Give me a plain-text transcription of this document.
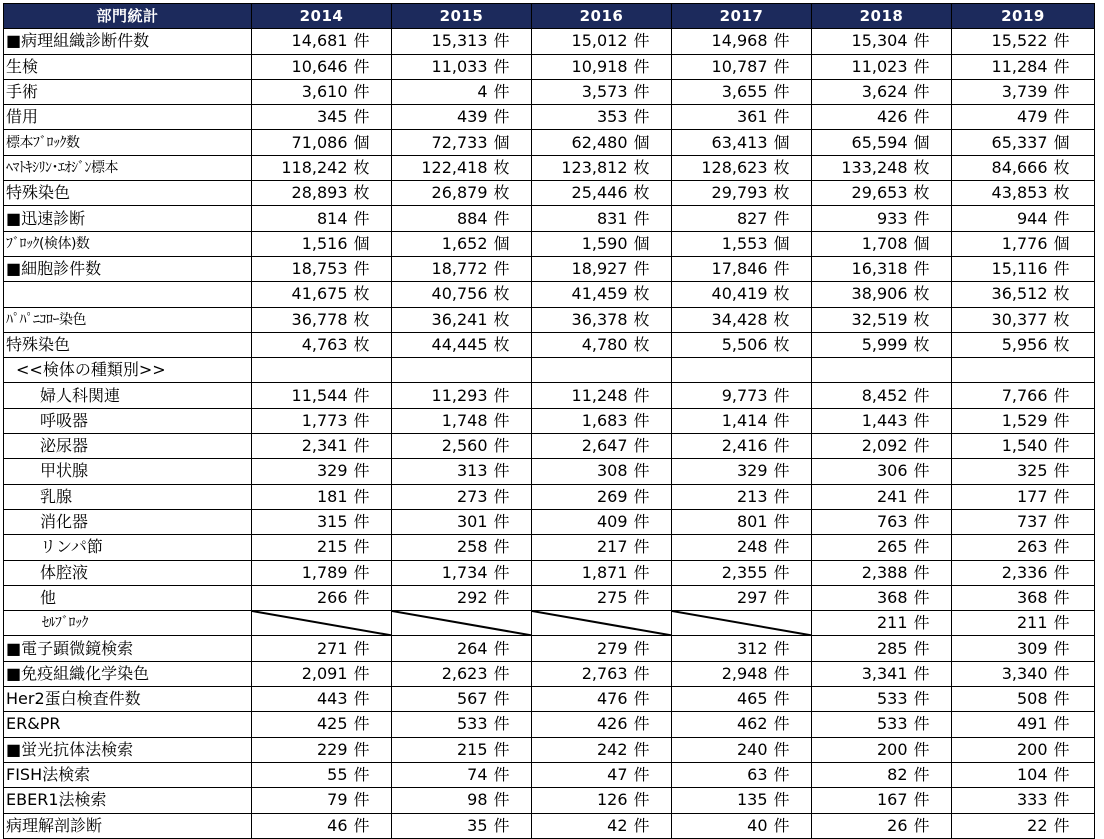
部門統計	2014		2015		2016		2017		2018		2019	
■病理組織診断件数	14,681	件	15,313	件	15,012	件	14,968	件	15,304	件	15,522	件
生検	10,646	件	11,033	件	10,918	件	10,787	件	11,023	件	11,284	件
手術	3,610	件	4	件	3,573	件	3,655	件	3,624	件	3,739	件
借用	345	件	439	件	353	件	361	件	426	件	479	件
標本ﾌﾞﾛｯｸ数	71,086	個	72,733	個	62,480	個	63,413	個	65,594	個	65,337	個
ﾍﾏﾄｷｼﾘﾝ･ｴｵｼﾞﾝ標本	118,242	枚	122,418	枚	123,812	枚	128,623	枚	133,248	枚	84,666	枚
特殊染色	28,893	枚	26,879	枚	25,446	枚	29,793	枚	29,653	枚	43,853	枚
■迅速診断	814	件	884	件	831	件	827	件	933	件	944	件
ﾌﾞﾛｯｸ(検体)数	1,516	個	1,652	個	1,590	個	1,553	個	1,708	個	1,776	個
■細胞診件数	18,753	件	18,772	件	18,927	件	17,846	件	16,318	件	15,116	件
	41,675	枚	40,756	枚	41,459	枚	40,419	枚	38,906	枚	36,512	枚
ﾊﾟﾊﾟﾆｺﾛｰ染色	36,778	枚	36,241	枚	36,378	枚	34,428	枚	32,519	枚	30,377	枚
特殊染色	4,763	枚	44,445	枚	4,780	枚	5,506	枚	5,999	枚	5,956	枚
<<検体の種類別>>												
婦人科関連	11,544	件	11,293	件	11,248	件	9,773	件	8,452	件	7,766	件
呼吸器	1,773	件	1,748	件	1,683	件	1,414	件	1,443	件	1,529	件
泌尿器	2,341	件	2,560	件	2,647	件	2,416	件	2,092	件	1,540	件
甲状腺	329	件	313	件	308	件	329	件	306	件	325	件
乳腺	181	件	273	件	269	件	213	件	241	件	177	件
消化器	315	件	301	件	409	件	801	件	763	件	737	件
リンパ節	215	件	258	件	217	件	248	件	265	件	263	件
体腔液	1,789	件	1,734	件	1,871	件	2,355	件	2,388	件	2,336	件
他	266	件	292	件	275	件	297	件	368	件	368	件
ｾﾙﾌﾞﾛｯｸ									211	件	211	件
■電子顕微鏡検索	271	件	264	件	279	件	312	件	285	件	309	件
■免疫組織化学染色	2,091	件	2,623	件	2,763	件	2,948	件	3,341	件	3,340	件
Her2蛋白検査件数	443	件	567	件	476	件	465	件	533	件	508	件
ER&PR	425	件	533	件	426	件	462	件	533	件	491	件
■蛍光抗体法検索	229	件	215	件	242	件	240	件	200	件	200	件
FISH法検索	55	件	74	件	47	件	63	件	82	件	104	件
EBER1法検索	79	件	98	件	126	件	135	件	167	件	333	件
病理解剖診断	46	件	35	件	42	件	40	件	26	件	22	件
